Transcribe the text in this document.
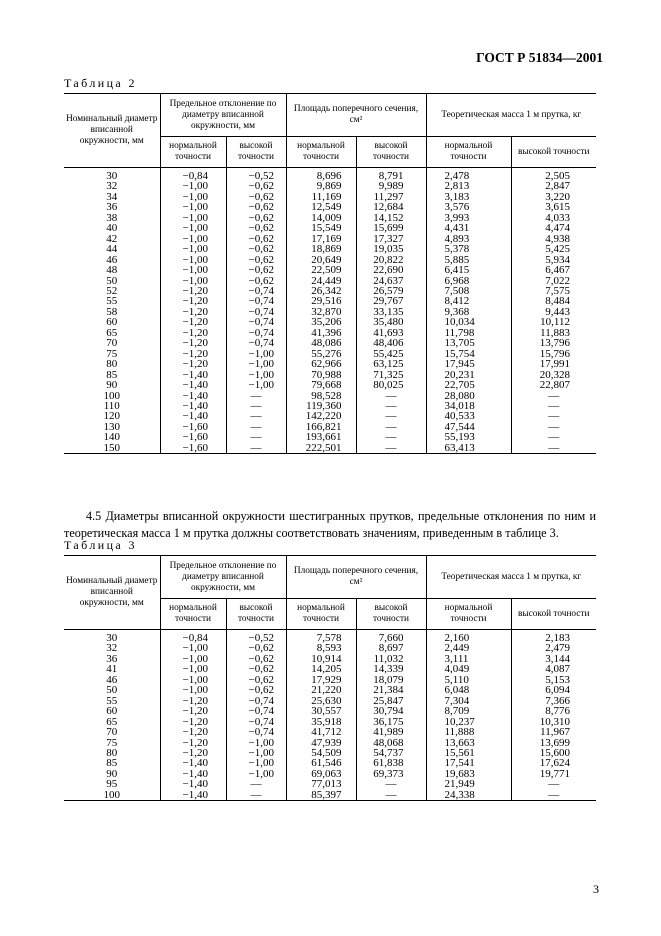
ГОСТ Р 51834—2001
Таблица 2
Номинальный диаметр вписанной окружности, мм	Предельное отклонение по диаметру вписанной окружности, мм		Площадь поперечного сечения, см²		Теоретическая масса 1 м прутка, кг	
	нормальной точности	высокой точности	нормальной точности	высокой точности	нормальной точности	высокой точности
30	−0,84	−0,52	8,696	8,791	2,478	2,505
32	−1,00	−0,62	9,869	9,989	2,813	2,847
34	−1,00	−0,62	11,169	11,297	3,183	3,220
36	−1,00	−0,62	12,549	12,684	3,576	3,615
38	−1,00	−0,62	14,009	14,152	3,993	4,033
40	−1,00	−0,62	15,549	15,699	4,431	4,474
42	−1,00	−0,62	17,169	17,327	4,893	4,938
44	−1,00	−0,62	18,869	19,035	5,378	5,425
46	−1,00	−0,62	20,649	20,822	5,885	5,934
48	−1,00	−0,62	22,509	22,690	6,415	6,467
50	−1,00	−0,62	24,449	24,637	6,968	7,022
52	−1,20	−0,74	26,342	26,579	7,508	7,575
55	−1,20	−0,74	29,516	29,767	8,412	8,484
58	−1,20	−0,74	32,870	33,135	9,368	9,443
60	−1,20	−0,74	35,206	35,480	10,034	10,112
65	−1,20	−0,74	41,396	41,693	11,798	11,883
70	−1,20	−0,74	48,086	48,406	13,705	13,796
75	−1,20	−1,00	55,276	55,425	15,754	15,796
80	−1,20	−1,00	62,966	63,125	17,945	17,991
85	−1,40	−1,00	70,988	71,325	20,231	20,328
90	−1,40	−1,00	79,668	80,025	22,705	22,807
100	−1,40	—	98,528	—	28,080	—
110	−1,40	—	119,360	—	34,018	—
120	−1,40	—	142,220	—	40,533	—
130	−1,60	—	166,821	—	47,544	—
140	−1,60	—	193,661	—	55,193	—
150	−1,60	—	222,501	—	63,413	—
4.5 Диаметры вписанной окружности шестигранных прутков, предельные отклонения по ним и теоретическая масса 1 м прутка должны соответствовать значениям, приведенным в таблице 3.
Таблица 3
Номинальный диаметр вписанной окружности, мм	Предельное отклонение по диаметру вписанной окружности, мм		Площадь поперечного сечения, см²		Теоретическая масса 1 м прутка, кг	
	нормальной точности	высокой точности	нормальной точности	высокой точности	нормальной точности	высокой точности
30	−0,84	−0,52	7,578	7,660	2,160	2,183
32	−1,00	−0,62	8,593	8,697	2,449	2,479
36	−1,00	−0,62	10,914	11,032	3,111	3,144
41	−1,00	−0,62	14,205	14,339	4,049	4,087
46	−1,00	−0,62	17,929	18,079	5,110	5,153
50	−1,00	−0,62	21,220	21,384	6,048	6,094
55	−1,20	−0,74	25,630	25,847	7,304	7,366
60	−1,20	−0,74	30,557	30,794	8,709	8,776
65	−1,20	−0,74	35,918	36,175	10,237	10,310
70	−1,20	−0,74	41,712	41,989	11,888	11,967
75	−1,20	−1,00	47,939	48,068	13,663	13,699
80	−1,20	−1,00	54,509	54,737	15,561	15,600
85	−1,40	−1,00	61,546	61,838	17,541	17,624
90	−1,40	−1,00	69,063	69,373	19,683	19,771
95	−1,40	—	77,013	—	21,949	—
100	−1,40	—	85,397	—	24,338	—
3
